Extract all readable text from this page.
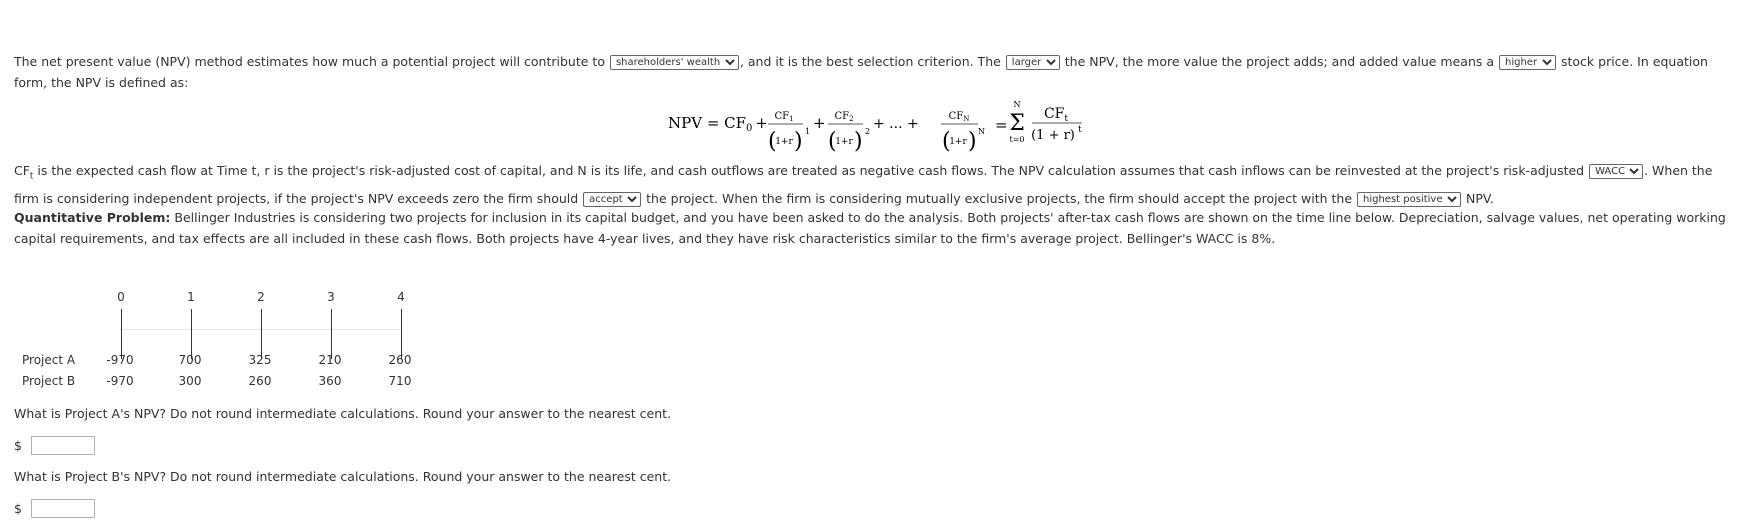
The net present value (NPV) method estimates how much a potential project will contribute to
shareholders' wealth	, and it is the best selection criterion. The
larger	the NPV, the more value the project adds; and added value means a
higher	stock price. In equation form, the NPV is defined as:

NPV = $CF_0 + CF_1$
(
1+r ) $1 + CF_2$
(
1+r ) 2 + ... +	$CF_N$
(
1+r ) N =
N
Σ
t=0
$CF_t$
(1 + r) t

$CF_t$ is the expected cash flow at Time t, r is the project's risk-adjusted cost of capital, and N is its life, and cash outflows are treated as negative cash flows. The NPV calculation assumes that cash inflows can be reinvested at the project's risk-adjusted
WACC	. When the firm is considering independent projects, if the project's NPV exceeds zero the firm should
accept	the project. When the firm is considering mutually exclusive projects, the firm should accept the project with the
highest positive	NPV.

Quantitative Problem: Bellinger Industries is considering two projects for inclusion in its capital budget, and you have been asked to do the analysis. Both projects' after-tax cash flows are shown on the time line below. Depreciation, salvage values, net operating working capital requirements, and tax effects are all included in these cash flows. Both projects have 4-year lives, and they have risk characteristics similar to the firm's average project. Bellinger's WACC is 8%.

0	1	2	3	4
Project A	-970	700	325	210	260
Project B	-970	300	260	360	710
What is Project A's NPV? Do not round intermediate calculations. Round your answer to the nearest cent.
$
What is Project B's NPV? Do not round intermediate calculations. Round your answer to the nearest cent.
$
